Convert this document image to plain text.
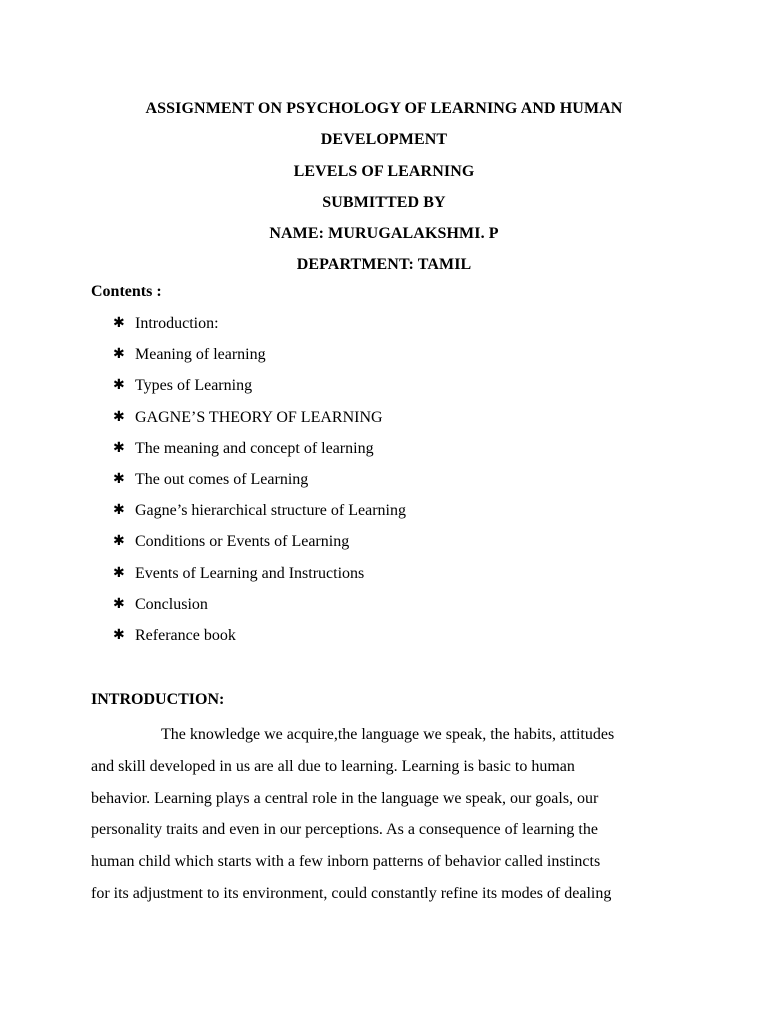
ASSIGNMENT ON PSYCHOLOGY OF LEARNING AND HUMAN
DEVELOPMENT
LEVELS OF LEARNING
SUBMITTED BY
NAME: MURUGALAKSHMI. P
DEPARTMENT: TAMIL
Contents :
✱ Introduction:
✱ Meaning of learning
✱ Types of Learning
✱ GAGNE’S THEORY OF LEARNING
✱ The meaning and concept of learning
✱ The out comes of Learning
✱ Gagne’s hierarchical structure of Learning
✱ Conditions or Events of Learning
✱ Events of Learning and Instructions
✱ Conclusion
✱ Referance book
INTRODUCTION:
The knowledge we acquire,the language we speak, the habits, attitudes
and skill developed in us are all due to learning. Learning is basic to human
behavior. Learning plays a central role in the language we speak, our goals, our
personality traits and even in our perceptions. As a consequence of learning the
human child which starts with a few inborn patterns of behavior called instincts
for its adjustment to its environment, could constantly refine its modes of dealing
